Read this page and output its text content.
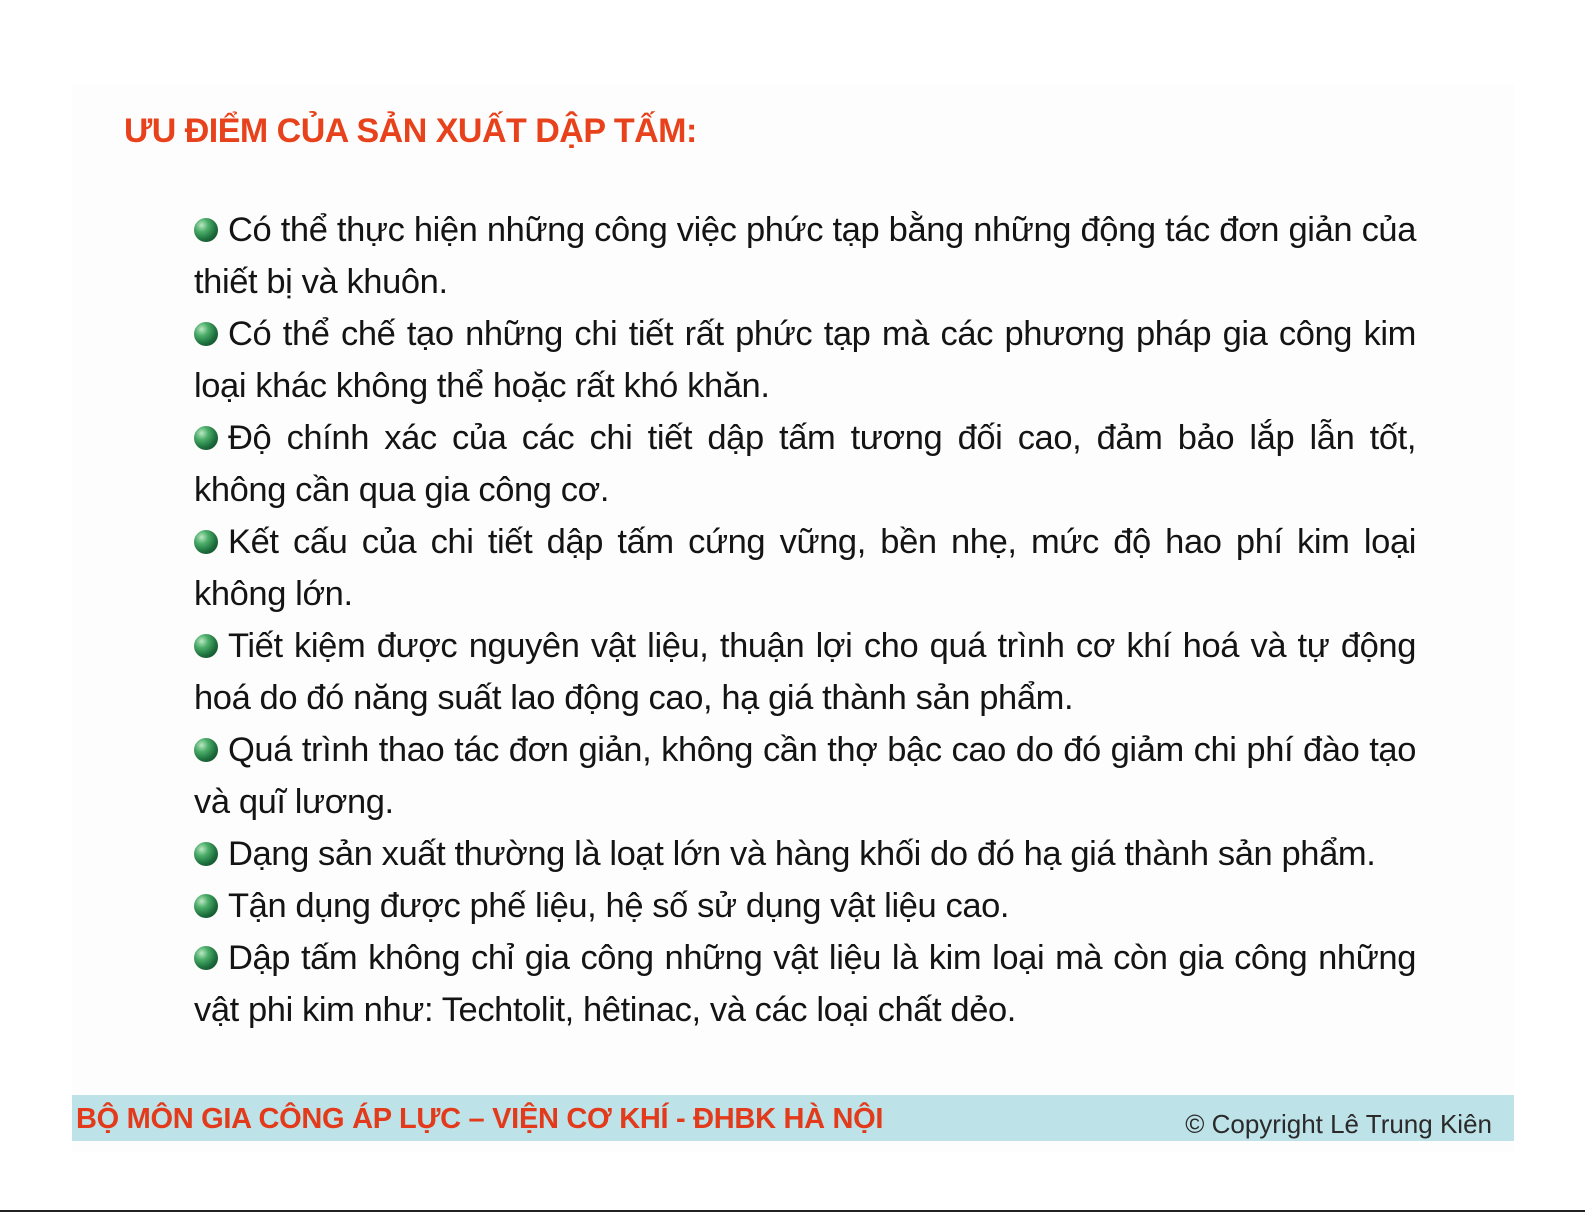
ƯU ĐIỂM CỦA SẢN XUẤT DẬP TẤM:
Có thể thực hiện những công việc phức tạp bằng những động tác đơn giản của thiết bị và khuôn.
Có thể chế tạo những chi tiết rất phức tạp mà các phương pháp gia công kim loại khác không thể hoặc rất khó khăn.
Độ chính xác của các chi tiết dập tấm tương đối cao, đảm bảo lắp lẫn tốt, không cần qua gia công cơ.
Kết cấu của chi tiết dập tấm cứng vững, bền nhẹ, mức độ hao phí kim loại không lớn.
Tiết kiệm được nguyên vật liệu, thuận lợi cho quá trình cơ khí hoá và tự động hoá do đó năng suất lao động cao, hạ giá thành sản phẩm.
Quá trình thao tác đơn giản, không cần thợ bậc cao do đó giảm chi phí đào tạo và quĩ lương.
Dạng sản xuất thường là loạt lớn và hàng khối do đó hạ giá thành sản phẩm.
Tận dụng được phế liệu, hệ số sử dụng vật liệu cao.
Dập tấm không chỉ gia công những vật liệu là kim loại mà còn gia công những vật phi kim như: Techtolit, hêtinac, và các loại chất dẻo.
BỘ MÔN GIA CÔNG ÁP LỰC – VIỆN CƠ KHÍ - ĐHBK HÀ NỘI	© Copyright Lê Trung Kiên
